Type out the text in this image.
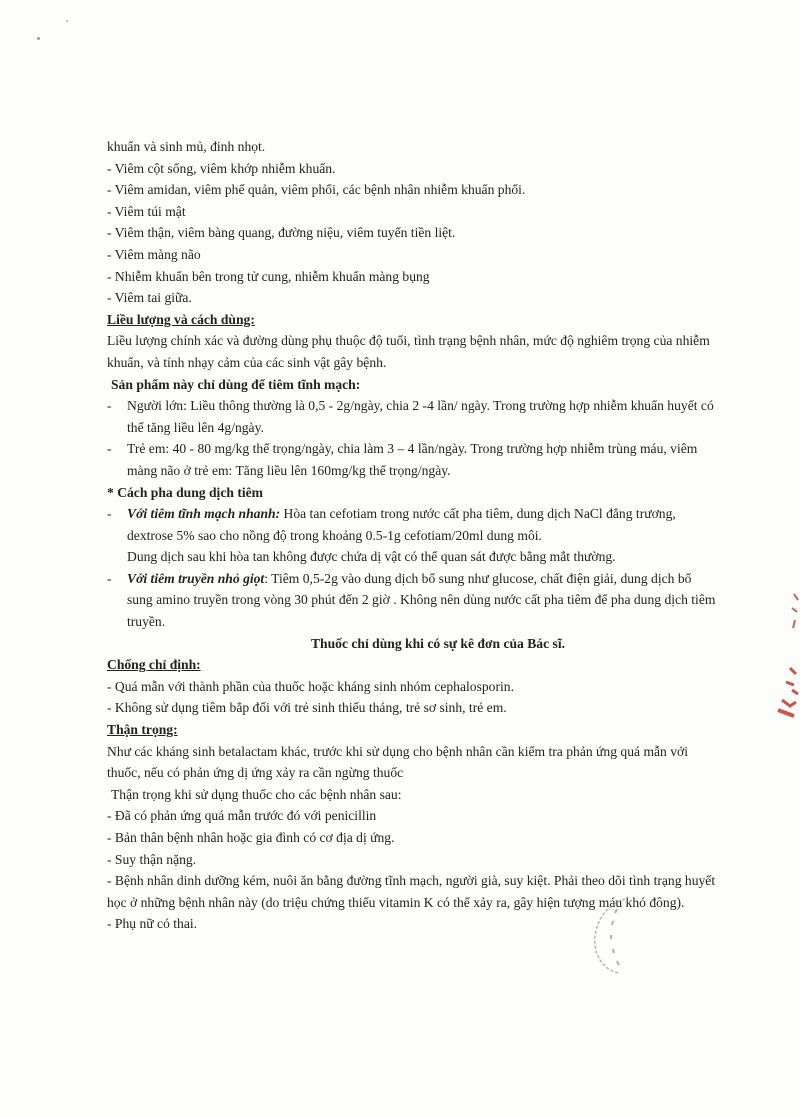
khuẩn và sinh mủ, đinh nhọt.
- Viêm cột sống, viêm khớp nhiễm khuẩn.
- Viêm amidan, viêm phế quản, viêm phổi, các bệnh nhân nhiễm khuẩn phổi.
- Viêm túi mật
- Viêm thận, viêm bàng quang, đường niệu, viêm tuyến tiền liệt.
- Viêm màng não
- Nhiễm khuẩn bên trong tử cung, nhiễm khuẩn màng bụng
- Viêm tai giữa.
Liều lượng và cách dùng:
Liều lượng chính xác và đường dùng phụ thuộc độ tuổi, tình trạng bệnh nhân, mức độ nghiêm trọng của nhiễm khuẩn, và tính nhạy cảm của các sinh vật gây bệnh.
Sản phẩm này chỉ dùng để tiêm tĩnh mạch:
- Người lớn: Liều thông thường là 0,5 - 2g/ngày, chia 2 -4 lần/ ngày. Trong trường hợp nhiễm khuẩn huyết có thể tăng liều lên 4g/ngày.
- Trẻ em: 40 - 80 mg/kg thể trọng/ngày, chia làm 3 – 4 lần/ngày. Trong trường hợp nhiễm trùng máu, viêm màng não ở trẻ em: Tăng liều lên 160mg/kg thể trọng/ngày.
* Cách pha dung dịch tiêm
- Với tiêm tĩnh mạch nhanh: Hòa tan cefotiam trong nước cất pha tiêm, dung dịch NaCl đẳng trương, dextrose 5% sao cho nồng độ trong khoảng 0.5-1g cefotiam/20ml dung môi.
Dung dịch sau khi hòa tan không được chứa dị vật có thể quan sát được bằng mắt thường.
- Với tiêm truyền nhỏ giọt: Tiêm 0,5-2g vào dung dịch bổ sung như glucose, chất điện giải, dung dịch bổ sung amino truyền trong vòng 30 phút đến 2 giờ . Không nên dùng nước cất pha tiêm để pha dung dịch tiêm truyền.
Thuốc chỉ dùng khi có sự kê đơn của Bác sĩ.
Chống chỉ định:
- Quá mẫn với thành phần của thuốc hoặc kháng sinh nhóm cephalosporin.
- Không sử dụng tiêm bắp đối với trẻ sinh thiếu tháng, trẻ sơ sinh, trẻ em.
Thận trọng:
Như các kháng sinh betalactam khác, trước khi sử dụng cho bệnh nhân cần kiểm tra phản ứng quá mẫn với thuốc, nếu có phản ứng dị ứng xảy ra cần ngừng thuốc
Thận trọng khi sử dụng thuốc cho các bệnh nhân sau:
- Đã có phản ứng quá mẫn trước đó với penicillin
- Bản thân bệnh nhân hoặc gia đình có cơ địa dị ứng.
- Suy thận nặng.
- Bệnh nhân dinh dưỡng kém, nuôi ăn bằng đường tĩnh mạch, người già, suy kiệt. Phải theo dõi tình trạng huyết học ở những bệnh nhân này (do triệu chứng thiếu vitamin K có thể xảy ra, gây hiện tượng máu khó đông).
- Phụ nữ có thai.
